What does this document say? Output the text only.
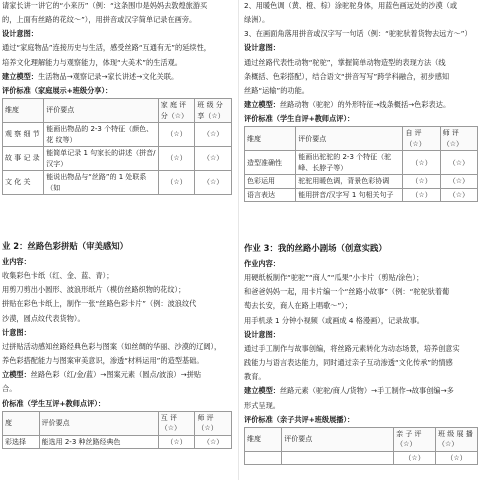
请家长讲一讲它的“小来历”（例：“这条围巾是妈妈去敦煌旅游买

的，上面有丝路的花纹～”），用拼音或汉字简单记录在画旁。

设计意图：

通过“家庭物品”连接历史与生活，感受丝路“互通有无”的延续性，

培养文化理解能力与观察能力，体现“大美术”的生活观。

建立模型：生活物品→观察记录→家长讲述→文化关联。

评价标准（家庭展示+班级分享）：

维度	评价要点	家 庭 评 分（☆）	班 级 分 享（☆）
观 察 细 节	能画出物品的 2-3 个特征（颜色、花 纹等）	（☆）	（☆）
故 事 记 录	能简单记录 1 句家长的讲述（拼音/ 汉字）	（☆）	（☆）
文 化 关	能说出物品与“丝路”的 1 处联系（如	（☆）	（☆）

2、用暖色调（黄、橙、棕）涂驼驼身体，用蓝色画远处的沙漠（或

绿洲）。

3、在画面角落用拼音或汉字写一句话（例：“驼驼驮着货物去远方～”）

设计意图：

通过丝路代表性动物“驼驼”，掌握简单动物造型的表现方法（线

条概括、色彩搭配），结合语文“拼音写写”跨学科融合，初步感知

丝路“运输”的功能。

建立模型：丝路动物（驼驼）的外形特征→线条概括→色彩表达。

评价标准（学生自评+教师点评）：

维度	评价要点	自 评（☆）	师 评（☆）
造型准确性	能画出驼驼的 2-3 个特征（驼峰、长脖子等）	（☆）	（☆）
色彩运用	驼驼用暖色调，背景色彩协调	（☆）	（☆）
语言表达	能用拼音/汉字写 1 句相关句子	（☆）	（☆）

业 2：丝路色彩拼贴（审美感知）

业内容：

收集彩色卡纸（红、金、蓝、青）；

用剪刀剪出小圆形、波浪形纸片（模仿丝路织物的花纹）；

拼贴在彩色卡纸上，制作一张“丝路色彩卡片”（例：波浪纹代

沙漠，圆点纹代表货物）。

计意图：

过拼贴活动感知丝路经典色彩与图案（如丝绸的华丽、沙漠的辽阔），

养色彩搭配能力与图案审美意识，渗透“材料运用”的造型基础。

立模型：丝路色彩（红/金/蓝）→图案元素（圆点/波浪）→拼贴

合。

价标准（学生互评+教师点评）：

度	评价要点	互 评（☆）	师 评（☆）
彩选择	能选用 2-3 种丝路经典色	（☆）	（☆）

作业 3：我的丝路小剧场（创意实践）

作业内容：

用硬纸板制作“驼驼”“商人”“瓜果”小卡片（剪贴/涂色）；

和爸爸妈妈一起，用卡片编一个“丝路小故事”（例：“驼驼驮着葡

萄去长安，商人在路上唱歌～”）；

用手机录 1 分钟小视频（或画成 4 格漫画），记录故事。

设计意图：

通过手工制作与故事创编，将丝路元素转化为动态场景，培养创意实

践能力与语言表达能力，同时通过亲子互动渗透“文化传承”的情感

教育。

建立模型：丝路元素（驼驼/商人/货物）→手工制作→故事创编→多

形式呈现。

评价标准（亲子共评+班级展播）：

维度	评价要点	亲 子 评（☆）	班 级 展 播（☆）
		（☆）	（☆）
